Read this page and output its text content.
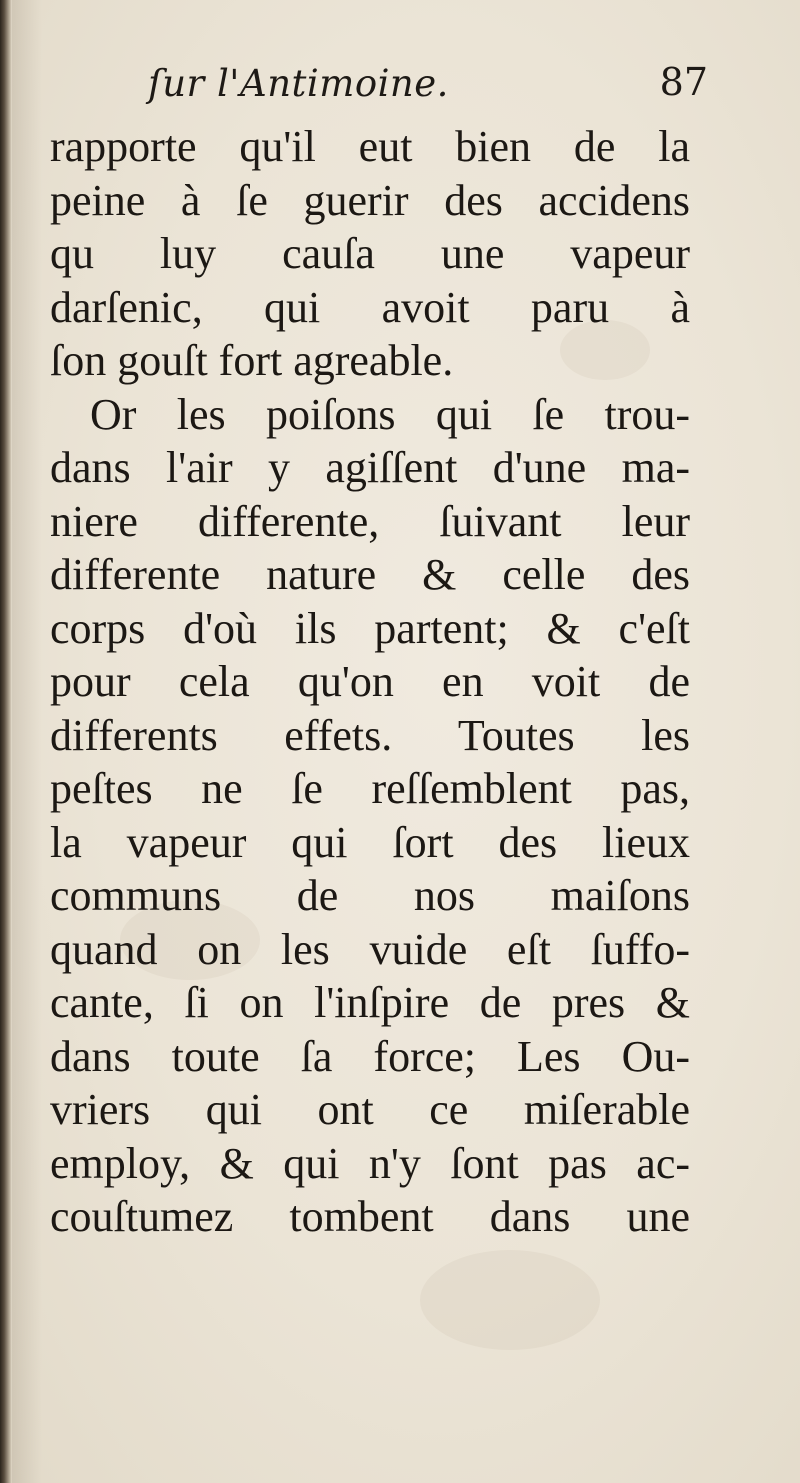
ſur l'Antimoine.	87
rapporte qu'il eut bien de la
peine à ſe guerir des accidens
qu luy cauſa une vapeur
darſenic, qui avoit paru à
ſon gouſt fort agreable.
Or les poiſons qui ſe trou-
dans l'air y agiſſent d'une ma-
niere differente, ſuivant leur
differente nature & celle des
corps d'où ils partent; & c'eſt
pour cela qu'on en voit de
differents effets. Toutes les
peſtes ne ſe reſſemblent pas,
la vapeur qui ſort des lieux
communs de nos maiſons
quand on les vuide eſt ſuffo-
cante, ſi on l'inſpire de pres &
dans toute ſa force; Les Ou-
vriers qui ont ce miſerable
employ, & qui n'y ſont pas ac-
couſtumez tombent dans une
